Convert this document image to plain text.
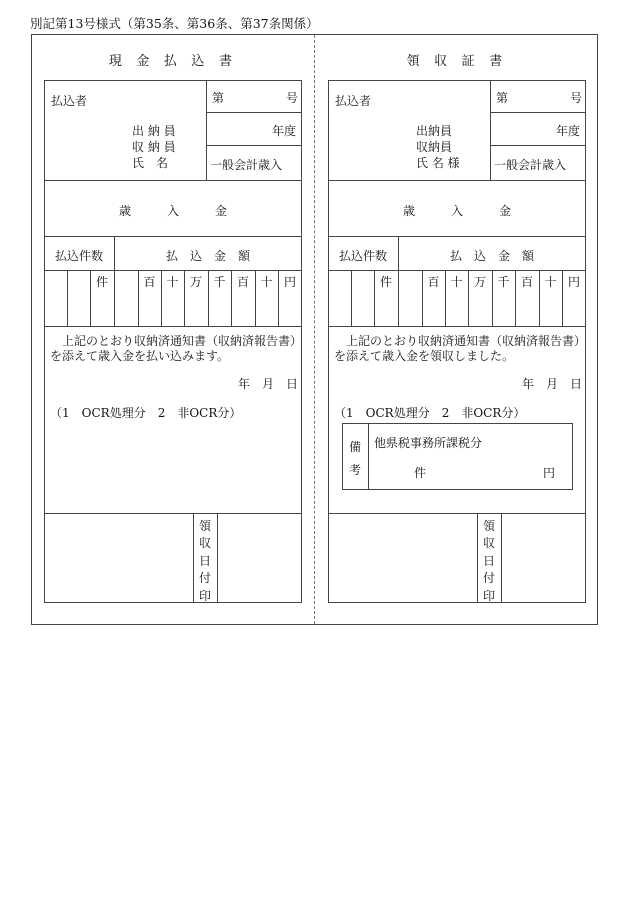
別記第13号様式（第35条、第36条、第37条関係）
現 金 払 込 書
払込者
出 納 員
収 納 員
氏　名
第	号
年度
一般会計歳入
歳　　　入　　　金
払込件数	払　込　金　額
件	百 十 万 千 百 十 円
　上記のとおり収納済通知書（収納済報告書）
を添えて歳入金を払い込みます。
年　月　日
（1　OCR処理分　2　非OCR分）
領収日付印
領 収 証 書
払込者
出納員
収納員
氏 名 様
第	号
年度
一般会計歳入
歳　　　入　　　金
払込件数	払　込　金　額
件	百 十 万 千 百 十 円
　上記のとおり収納済通知書（収納済報告書）
を添えて歳入金を領収しました。
年　月　日
（1　OCR処理分　2　非OCR分）
備考
他県税事務所課税分
件	円
領収日付印
